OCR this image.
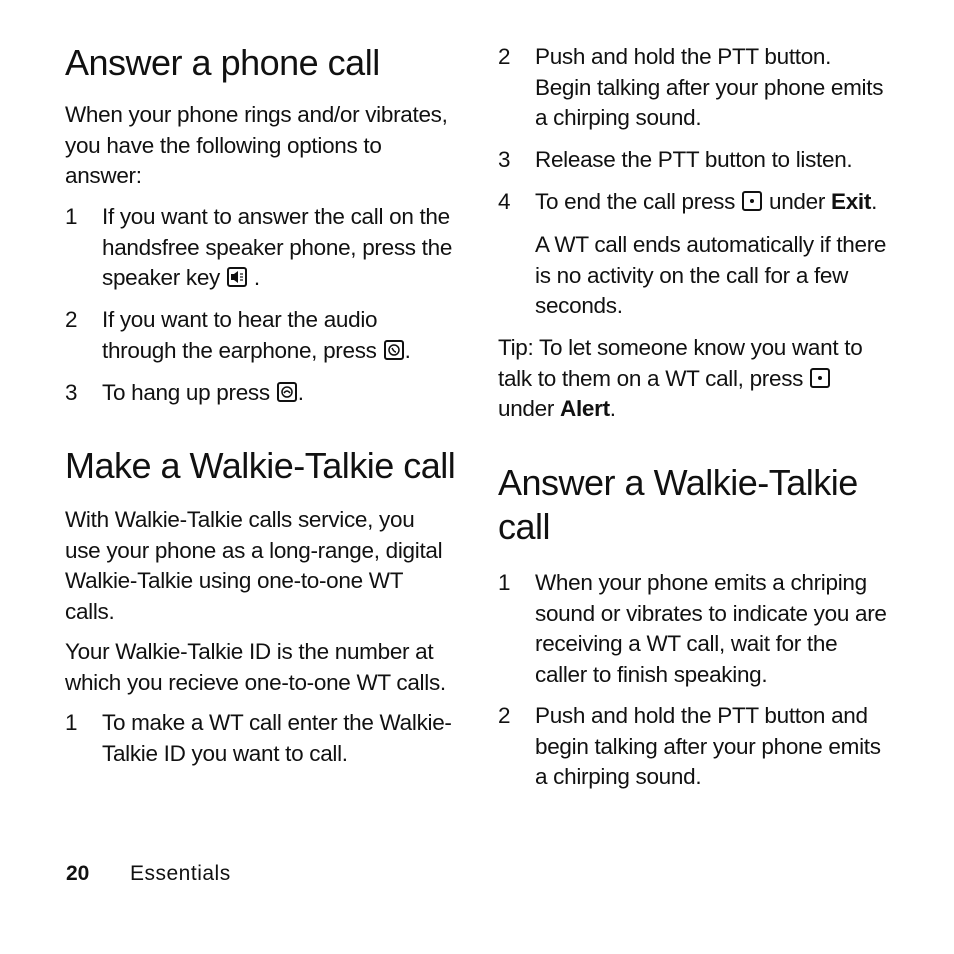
Answer a phone call

When your phone rings and/or vibrates, you have the following options to answer:

1 If you want to answer the call on the handsfree speaker phone, press the speaker key
.
2 If you want to hear the audio through the earphone, press .
3 To hang up press .
Make a Walkie-Talkie call

With Walkie-Talkie calls service, you use your phone as a long-range, digital Walkie-Talkie using one-to-one WT calls.

Your Walkie-Talkie ID is the number at which you recieve one-to-one WT calls.

1 To make a WT call enter the Walkie-Talkie ID you want to call.
2 Push and hold the PTT button. Begin talking after your phone emits a chirping sound.
3 Release the PTT button to listen.
4 To end the call press  under Exit.

A WT call ends automatically if there is no activity on the call for a few seconds.

Tip: To let someone know you want to talk to them on a WT call, press  under Alert.

Answer a Walkie-Talkie call
1 When your phone emits a chriping sound or vibrates to indicate you are receiving a WT call, wait for the caller to finish speaking.
2 Push and hold the PTT button and begin talking after your phone emits a chirping sound.
20 Essentials
